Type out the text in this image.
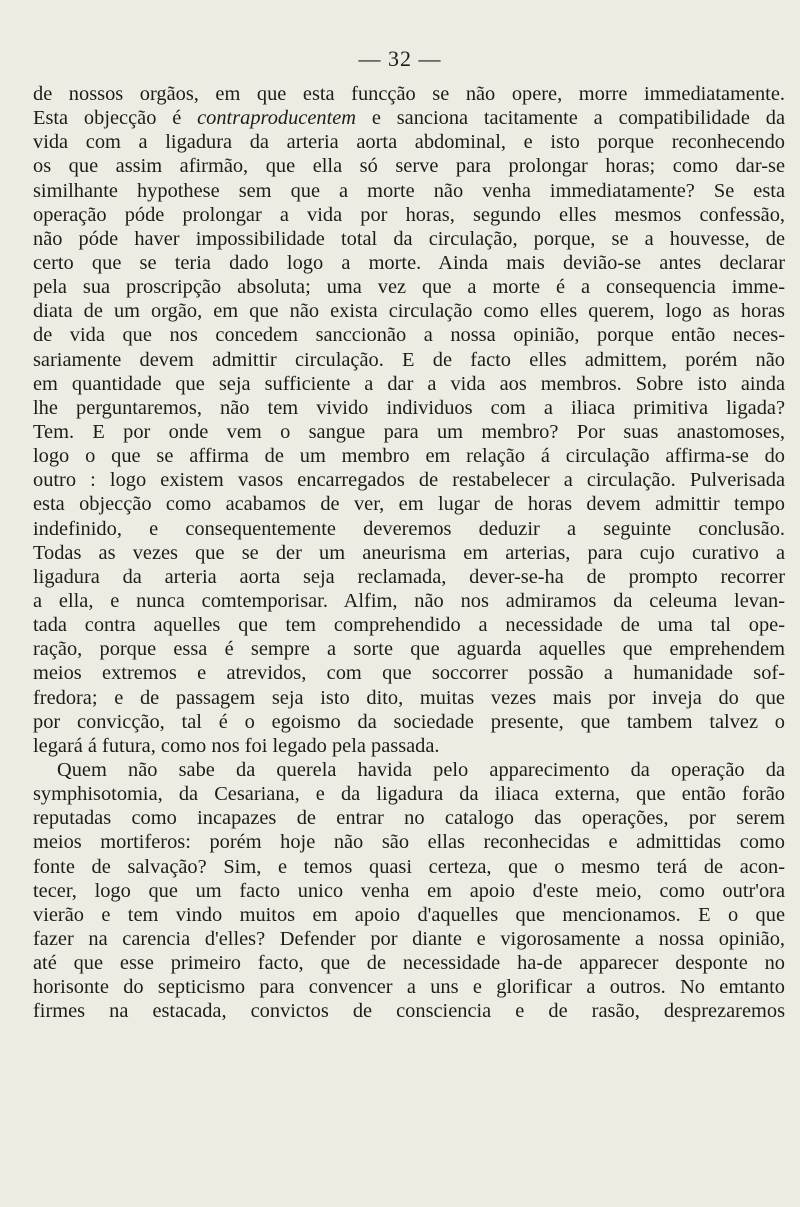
— 32 —
de nossos orgãos, em que esta funcção se não opere, morre immediatamente.
Esta objecção é contraproducentem e sanciona tacitamente a compatibilidade da
vida com a ligadura da arteria aorta abdominal, e isto porque reconhecendo
os que assim afirmão, que ella só serve para prolongar horas; como dar-se
similhante hypothese sem que a morte não venha immediatamente? Se esta
operação póde prolongar a vida por horas, segundo elles mesmos confessão,
não póde haver impossibilidade total da circulação, porque, se a houvesse, de
certo que se teria dado logo a morte. Ainda mais devião-se antes declarar
pela sua proscripção absoluta; uma vez que a morte é a consequencia imme-
diata de um orgão, em que não exista circulação como elles querem, logo as horas
de vida que nos concedem sanccionão a nossa opinião, porque então neces-
sariamente devem admittir circulação. E de facto elles admittem, porém não
em quantidade que seja sufficiente a dar a vida aos membros. Sobre isto ainda
lhe perguntaremos, não tem vivido individuos com a iliaca primitiva ligada?
Tem. E por onde vem o sangue para um membro? Por suas anastomoses,
logo o que se affirma de um membro em relação á circulação affirma-se do
outro : logo existem vasos encarregados de restabelecer a circulação. Pulverisada
esta objecção como acabamos de ver, em lugar de horas devem admittir tempo
indefinido, e consequentemente deveremos deduzir a seguinte conclusão.
Todas as vezes que se der um aneurisma em arterias, para cujo curativo a
ligadura da arteria aorta seja reclamada, dever-se-ha de prompto recorrer
a ella, e nunca comtemporisar. Alfim, não nos admiramos da celeuma levan-
tada contra aquelles que tem comprehendido a necessidade de uma tal ope-
ração, porque essa é sempre a sorte que aguarda aquelles que emprehendem
meios extremos e atrevidos, com que soccorrer possão a humanidade sof-
fredora; e de passagem seja isto dito, muitas vezes mais por inveja do que
por convicção, tal é o egoismo da sociedade presente, que tambem talvez o
legará á futura, como nos foi legado pela passada.
Quem não sabe da querela havida pelo apparecimento da operação da
symphisotomia, da Cesariana, e da ligadura da iliaca externa, que então forão
reputadas como incapazes de entrar no catalogo das operações, por serem
meios mortiferos: porém hoje não são ellas reconhecidas e admittidas como
fonte de salvação? Sim, e temos quasi certeza, que o mesmo terá de acon-
tecer, logo que um facto unico venha em apoio d'este meio, como outr'ora
vierão e tem vindo muitos em apoio d'aquelles que mencionamos. E o que
fazer na carencia d'elles? Defender por diante e vigorosamente a nossa opinião,
até que esse primeiro facto, que de necessidade ha-de apparecer desponte no
horisonte do septicismo para convencer a uns e glorificar a outros. No emtanto
firmes na estacada, convictos de consciencia e de rasão, desprezaremos
